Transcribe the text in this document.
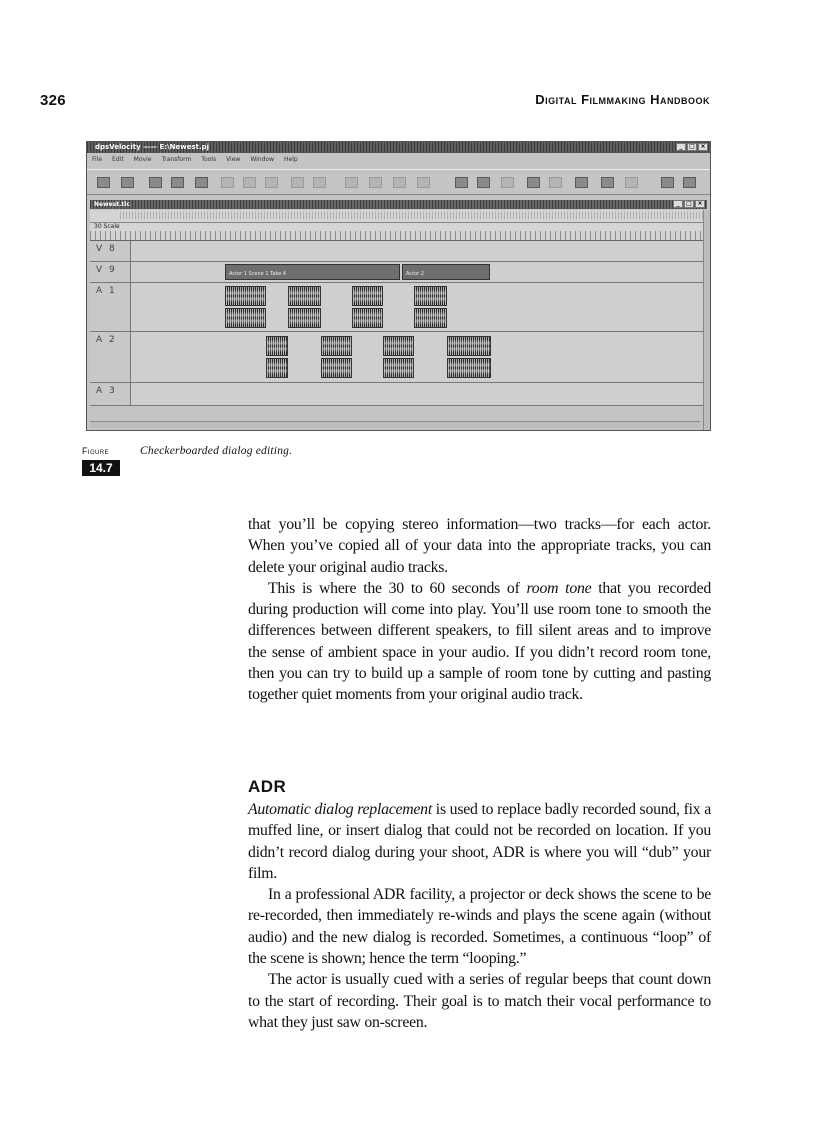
326	Digital Filmmaking Handbook
dpsVelocity —— E:\Newest.pj	_	□ ×
File Edit Movie Transform Tools View Window Help
Newest.tlc	_	□ ×
30 Scale
V 8
V 9	Actor 1 Scene 1 Take 4	Actor 2
A 1
A 2
A 3
Figure
14.7
Checkerboarded dialog editing.

that you’ll be copying stereo information—two tracks—for each actor. When you’ve copied all of your data into the appropriate tracks, you can delete your original audio tracks.

This is where the 30 to 60 seconds of room tone that you recorded during production will come into play. You’ll use room tone to smooth the differences between different speakers, to fill silent areas and to improve the sense of ambient space in your audio. If you didn’t record room tone, then you can try to build up a sample of room tone by cutting and pasting together quiet moments from your original audio track.

ADR

Automatic dialog replacement is used to replace badly recorded sound, fix a muffed line, or insert dialog that could not be recorded on location. If you didn’t record dialog during your shoot, ADR is where you will “dub” your film.

In a professional ADR facility, a projector or deck shows the scene to be re-recorded, then immediately re-winds and plays the scene again (without audio) and the new dialog is recorded. Sometimes, a continuous “loop” of the scene is shown; hence the term “looping.”

The actor is usually cued with a series of regular beeps that count down to the start of recording. Their goal is to match their vocal performance to what they just saw on-screen.
